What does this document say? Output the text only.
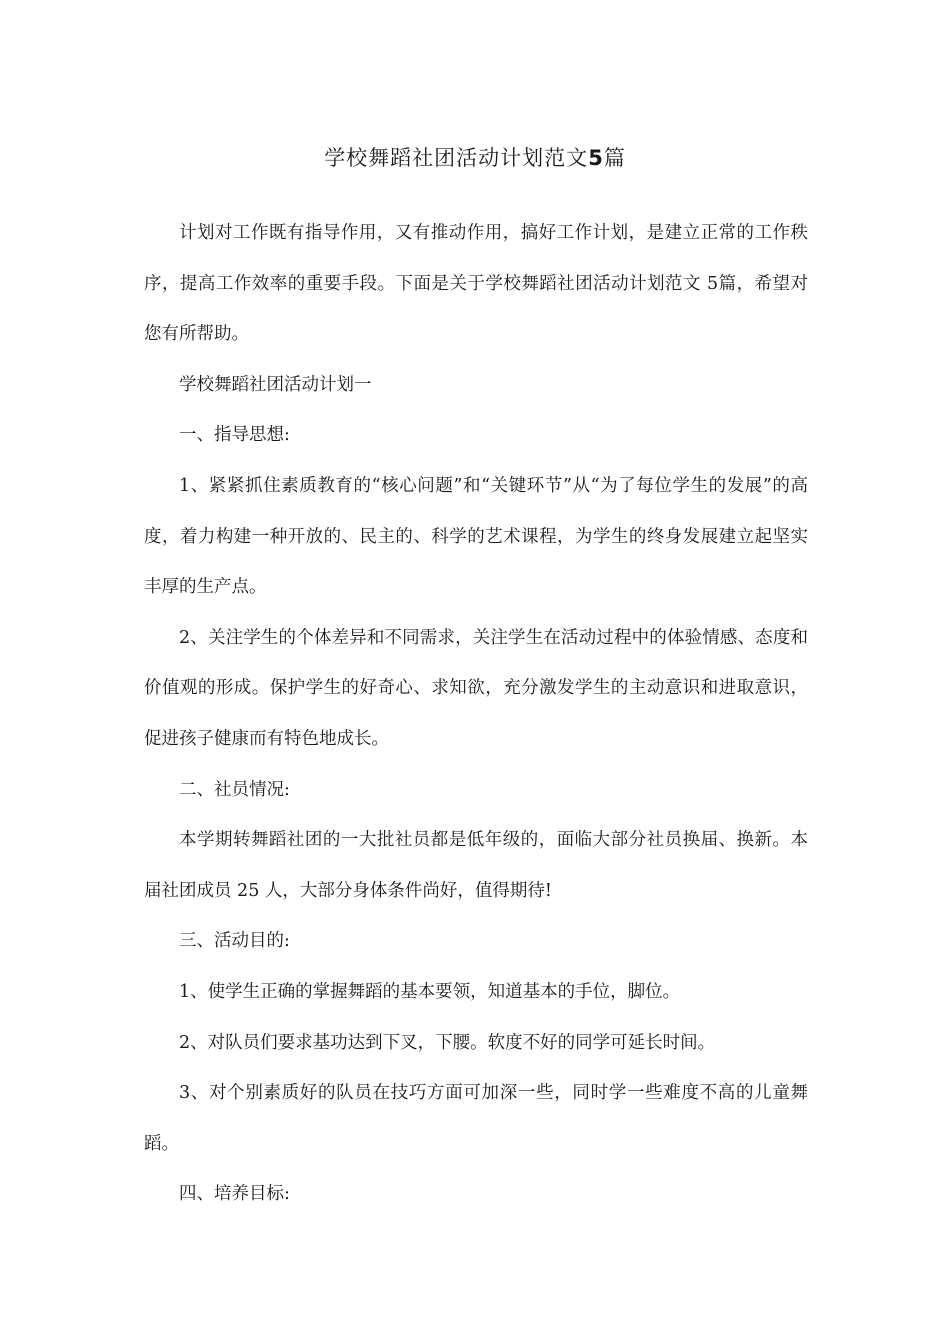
学校舞蹈社团活动计划范文5篇

计划对工作既有指导作用，又有推动作用，搞好工作计划，是建立正常的工作秩序，提高工作效率的重要手段。下面是关于学校舞蹈社团活动计划范文 5篇，希望对您有所帮助。

学校舞蹈社团活动计划一

一、指导思想:

1、紧紧抓住素质教育的“核心问题”和“关键环节”从“为了每位学生的发展”的高度，着力构建一种开放的、民主的、科学的艺术课程，为学生的终身发展建立起坚实丰厚的生产点。

2、关注学生的个体差异和不同需求，关注学生在活动过程中的体验情感、态度和价值观的形成。保护学生的好奇心、求知欲，充分激发学生的主动意识和进取意识，促进孩子健康而有特色地成长。

二、社员情况:

本学期转舞蹈社团的一大批社员都是低年级的，面临大部分社员换届、换新。本届社团成员 25 人，大部分身体条件尚好，值得期待!

三、活动目的:

1、使学生正确的掌握舞蹈的基本要领，知道基本的手位，脚位。

2、对队员们要求基功达到下叉，下腰。软度不好的同学可延长时间。

3、对个别素质好的队员在技巧方面可加深一些，同时学一些难度不高的儿童舞蹈。

四、培养目标:
